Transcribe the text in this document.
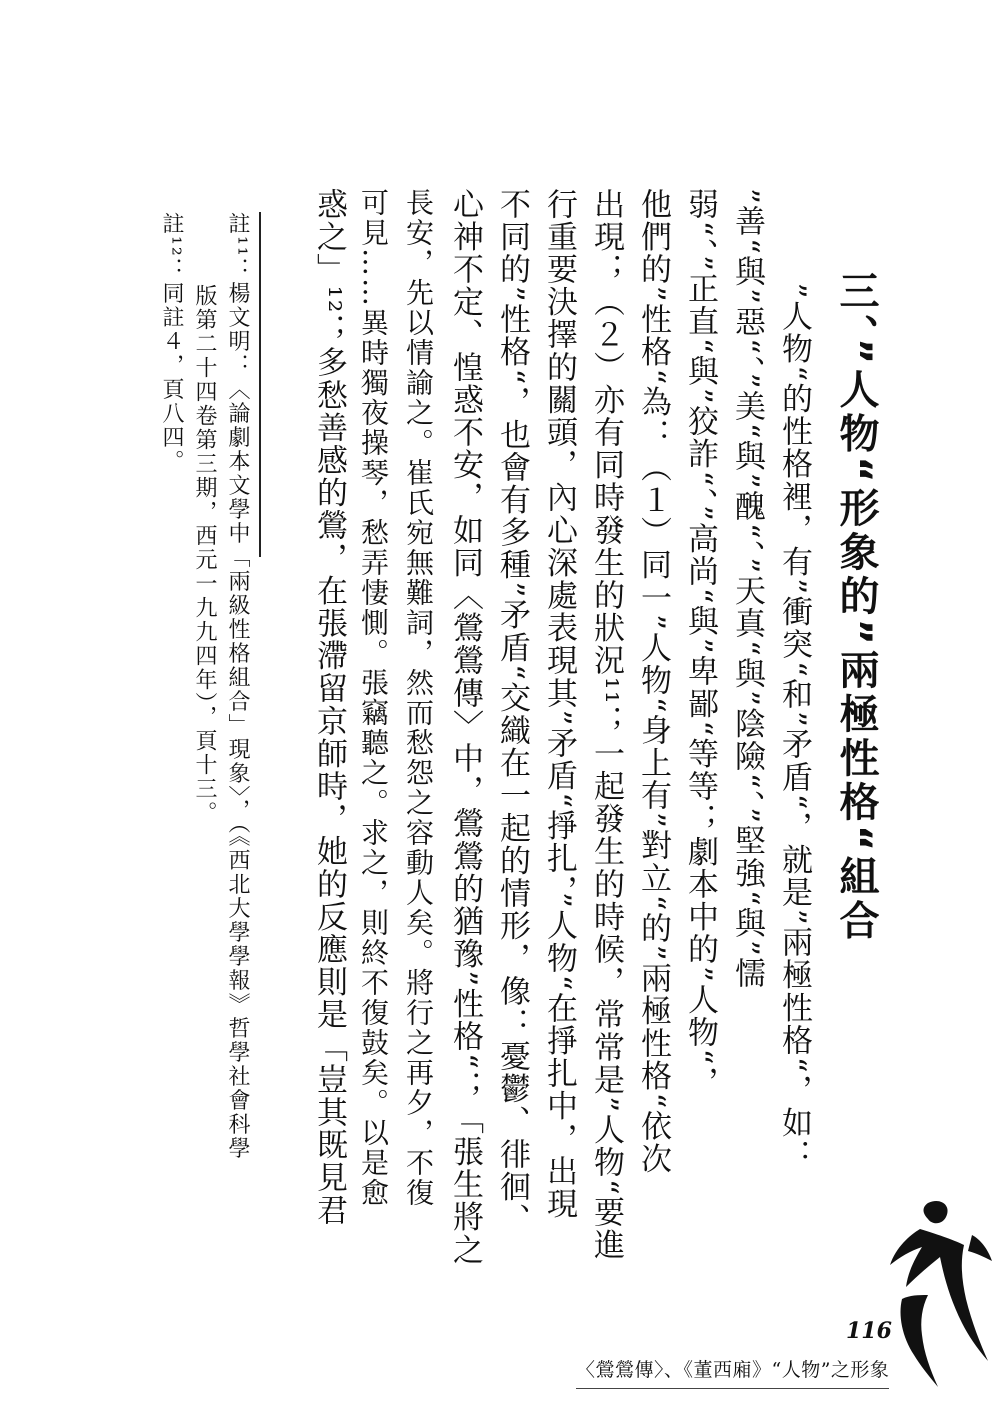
三、”人物“形象的”兩極性格“組合
　”人物“的性格裡，有”衝突“和”矛盾“，就是”兩極性格“，如：
”善“與”惡“、”美“與”醜“、”天真“與”陰險“、”堅強“與”懦
弱“、”正直“與”狡詐“、”高尚“與”卑鄙“等等；劇本中的”人物“，
他們的”性格“為：（１）同一”人物“身上有”對立“的”兩極性格“依次
出現；（２）亦有同時發生的狀況¹¹；一起發生的時候，常常是”人物“要進
行重要決擇的關頭，內心深處表現其”矛盾“掙扎，”人物“在掙扎中，出現
不同的”性格“，也會有多種”矛盾“交織在一起的情形，像：憂鬱、徘徊、
心神不定、惶惑不安，如同〈鶯鶯傳〉中，鶯鶯的猶豫”性格“；「張生將之
長安，先以情諭之。崔氏宛無難詞，然而愁怨之容動人矣。將行之再夕，不復
可見……異時獨夜操琴，愁弄悽惻。張竊聽之。求之，則終不復鼓矣。以是愈
惑之」¹²；多愁善感的鶯，在張滯留京師時，她的反應則是「豈其既見君
註¹¹：楊文明：〈論劇本文學中「兩級性格組合」現象〉，（《西北大學學報》哲學社會科學
　　　版第二十四卷第三期，西元一九九四年），頁十三。
註¹²：同註４，頁八四。
116
〈鶯鶯傳〉、《董西廂》“人物”之形象
